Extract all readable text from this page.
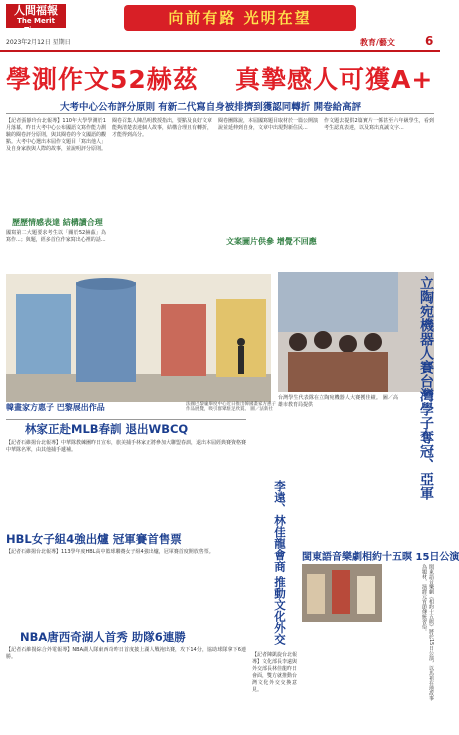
人間福報
The Merit Times
向前有路 光明在望
2023年2月12日 星期日	教育/藝文	6
學測作文52赫茲 真摯感人可獲A+
大考中心公布評分原則 有新二代寫自身被排擠到獲認同轉折 開卷給高評
【記者張靜玲台北報導】110年大學學測於1月落幕，昨日大考中心公布國語文寫作能力測驗的閱卷評分原則，與其閱卷的今文國語的觀點。大考中心選出本屆作文題目「寫出他人」及自身家族與人際的故事，並說明評分原則。
歷歷情感表達 結構讀合理
國寫第二大題要求考生以「關於52赫茲」為寫作...；與題，經多首位作家寫出心裡的話...
閱卷召集人陳昌明教授指出，要點及良好文章能夠清楚表達個人故事，結構合理且有轉折，才能得到高分。
閱卷團隊說，本屆國寫題目取材於一篇公開演說並延伸到自身，文章中出現對新住民...
文案圖片供參 增覺不回應
作文題去提供2篇實片一係甚至六年級學生，看到考生認真表達，以及寫出真誠文字...
韓畫家方惠子 巴黎展出作品	法國巴黎龐畢度中心近日推出韓國畫家方惠子作品展覽，吸引群眾駐足欣賞。 圖／法新社	立陶宛機器人賽台灣學子奪冠、亞軍
台灣學生代表隊在立陶宛機器人大賽獲佳績。 圖／高雄市教育局提供
林家正赴MLB春訓 退出WBCQ
【記者石維揚台北報導】中華隊教練團昨日宣布，旅美捕手林家正將參加大聯盟春訓，退出本屆經典賽資格賽中華隊名單，由其他捕手遞補。
HBL女子組4強出爐 冠軍賽首售票
【記者石維揚台北報導】113學年度HBL高中籃球聯賽女子組4強出爐，冠軍賽首度開放售票。
NBA唐西奇湖人首秀 助隊6連勝
【記者石維揚綜合外電報導】NBA湖人隊東西奇昨日首度披上湖人戰袍出賽，攻下14分，協助球隊拿下6連勝。
李遠、林佳龍會商 推動文化外交
【記者陳凱旋台北報導】文化部長李遠與外交部長林佳龍昨日會面，雙方就推動台灣文化外交交換意見。
閩東語音樂劇相約十五暝 15日公演
閩東語音樂劇《相約十五暝》將於15日公演，以馬祖在地故事為題材，演繹元宵節傳統習俗。
